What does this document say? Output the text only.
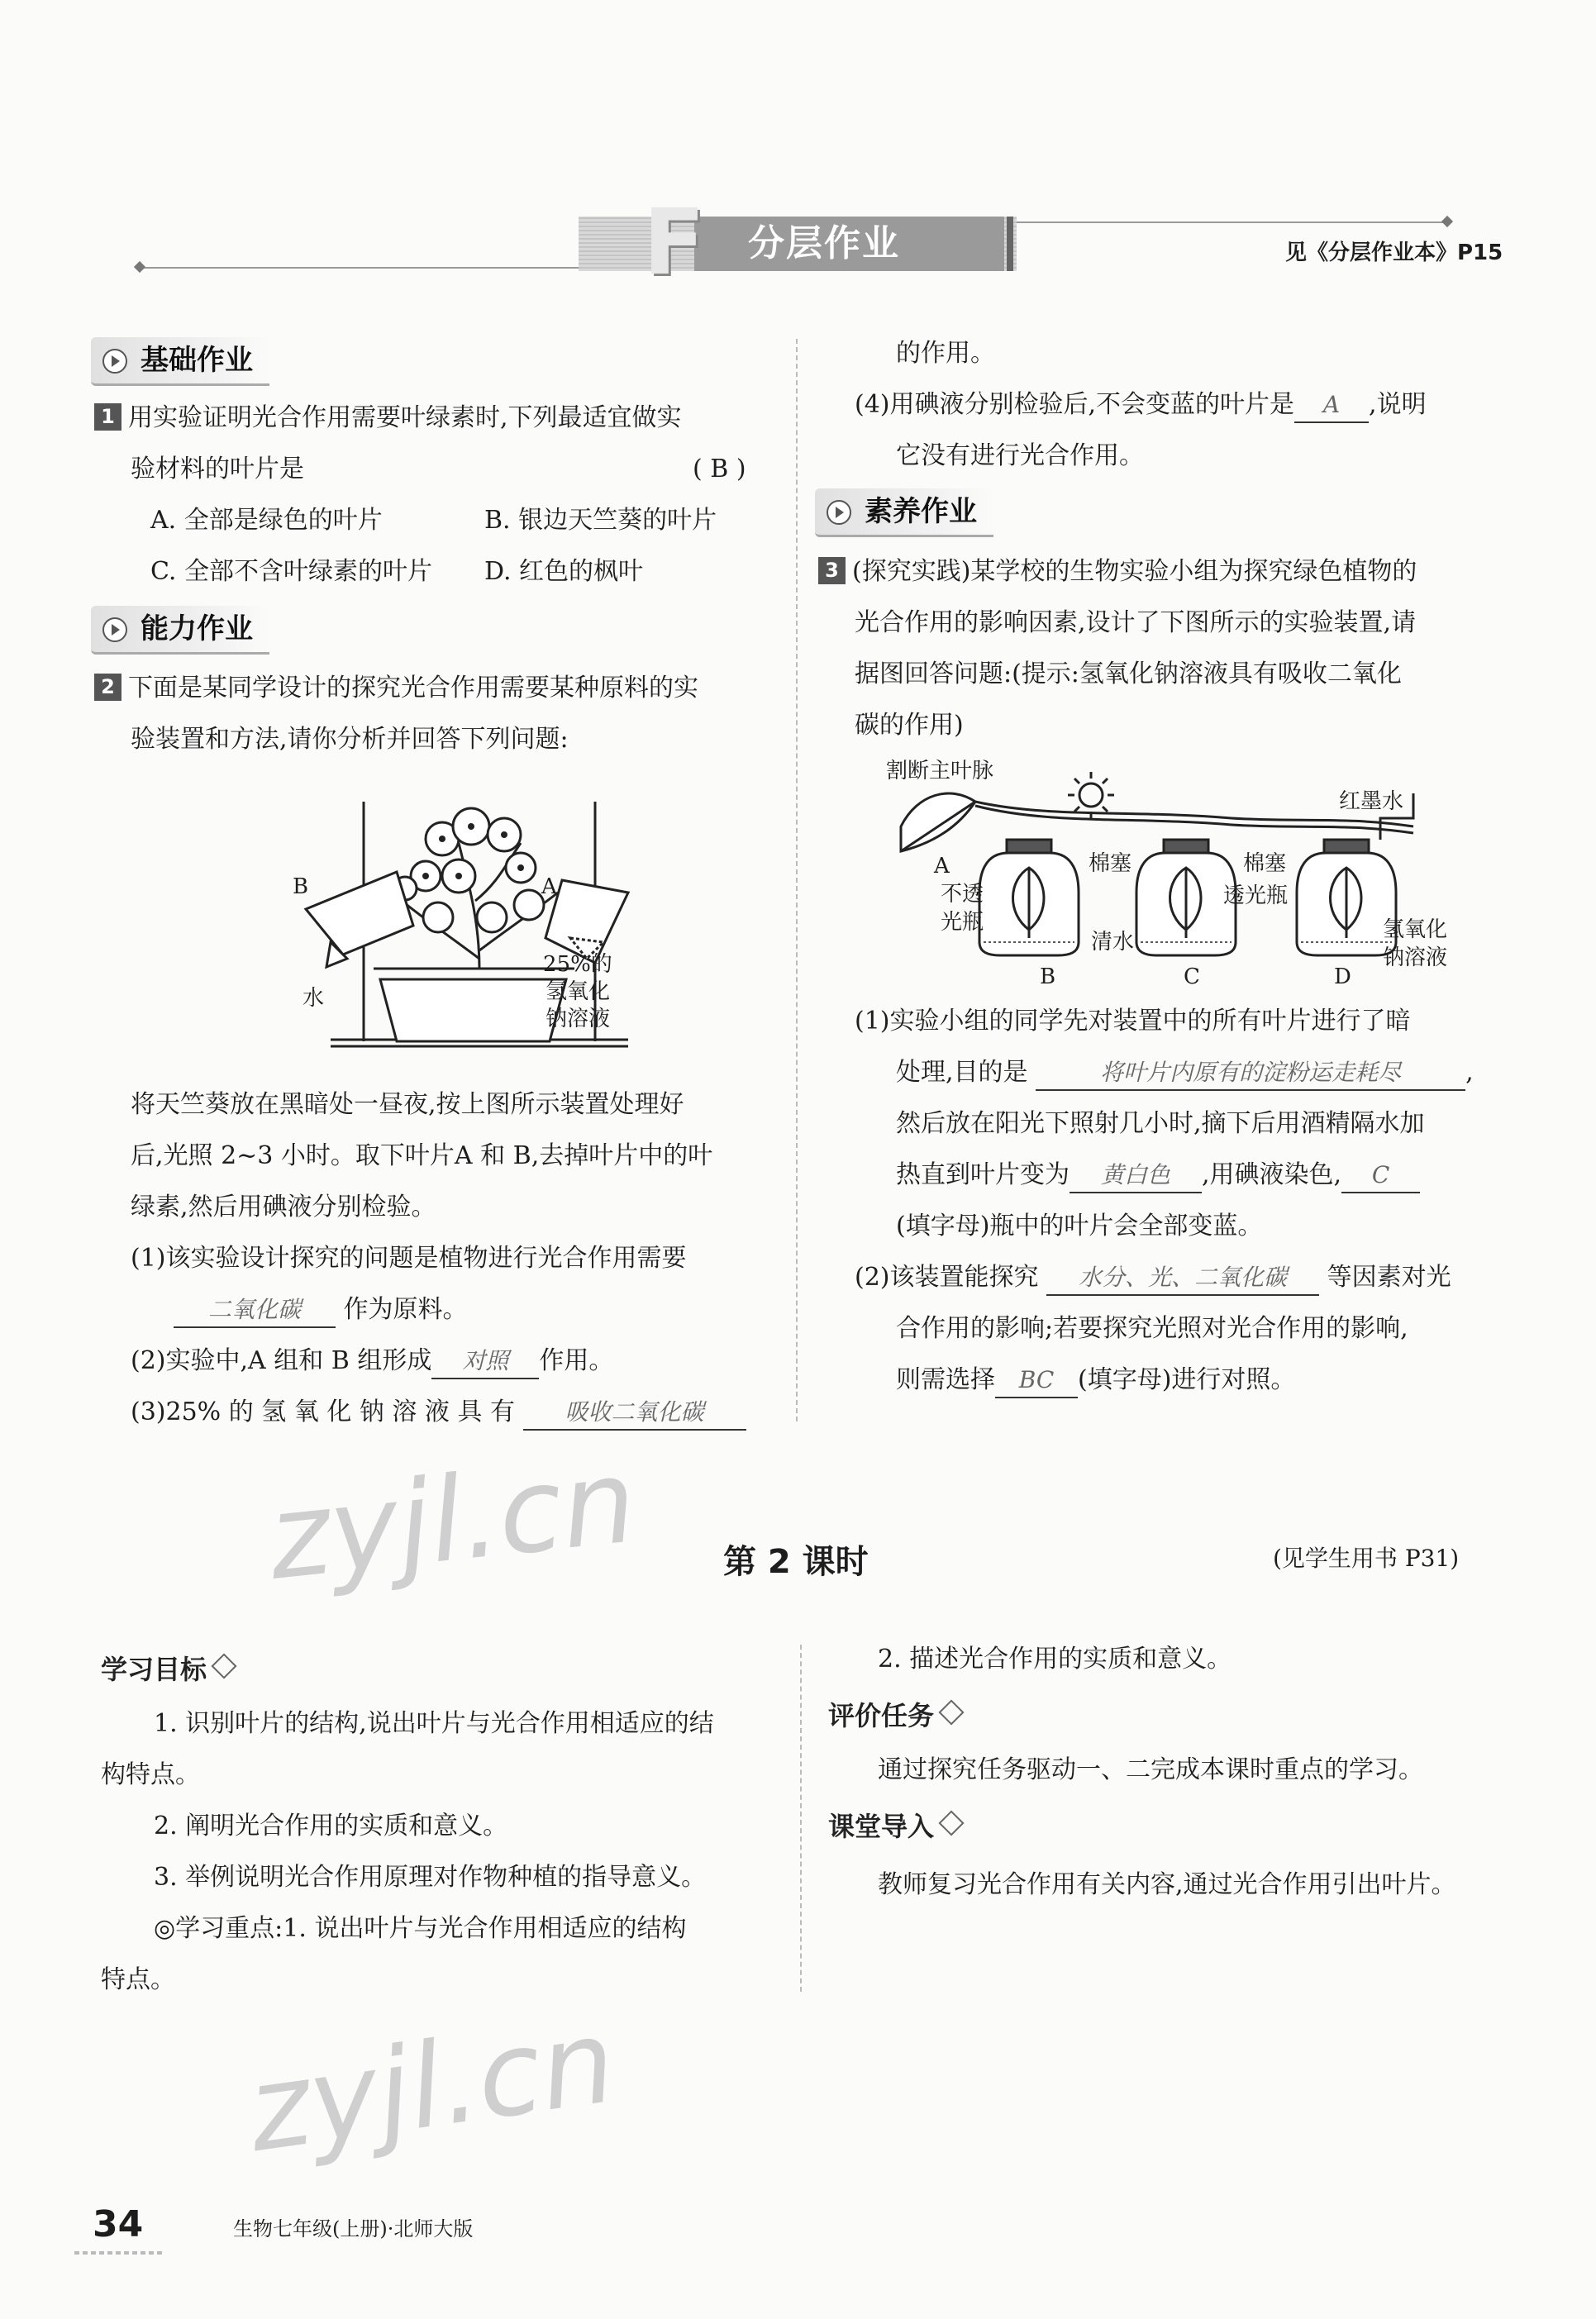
F 分层作业	见《分层作业本》P15
基础作业
1 用实验证明光合作用需要叶绿素时,下列最适宜做实
验材料的叶片是	( B )
A. 全部是绿色的叶片	B. 银边天竺葵的叶片
C. 全部不含叶绿素的叶片 D. 红色的枫叶
能力作业
2 下面是某同学设计的探究光合作用需要某种原料的实
验装置和方法,请你分析并回答下列问题:
B	A
水
25%的
氢氧化
钠溶液
将天竺葵放在黑暗处一昼夜,按上图所示装置处理好
后,光照 2~3 小时。取下叶片A 和 B,去掉叶片中的叶
绿素,然后用碘液分别检验。
(1)该实验设计探究的问题是植物进行光合作用需要
二氧化碳 作为原料。
(2)实验中,A 组和 B 组形成 对照 作用。
(3)25% 的 氢 氧 化 钠 溶 液 具 有 吸收二氧化碳
的作用。
(4)用碘液分别检验后,不会变蓝的叶片是 A ,说明
它没有进行光合作用。
素养作业
3 (探究实践)某学校的生物实验小组为探究绿色植物的
光合作用的影响因素,设计了下图所示的实验装置,请
据图回答问题:(提示:氢氧化钠溶液具有吸收二氧化
碳的作用)
割断主叶脉
红墨水
A	棉塞	棉塞
不透
光瓶
透光瓶
清水	氢氧化
钠溶液
B	C	D
(1)实验小组的同学先对装置中的所有叶片进行了暗
处理,目的是	将叶片内原有的淀粉运走耗尽	,
然后放在阳光下照射几小时,摘下后用酒精隔水加
热直到叶片变为 黄白色 ,用碘液染色, C
(填字母)瓶中的叶片会全部变蓝。
(2)该装置能探究 水分、光、二氧化碳 等因素对光
合作用的影响;若要探究光照对光合作用的影响,
则需选择 BC (填字母)进行对照。
zyjl.cn 第 2 课时	(见学生用书 P31)
学习目标
1. 识别叶片的结构,说出叶片与光合作用相适应的结
构特点。
2. 阐明光合作用的实质和意义。
3. 举例说明光合作用原理对作物种植的指导意义。
◎学习重点:1. 说出叶片与光合作用相适应的结构
特点。
2. 描述光合作用的实质和意义。
评价任务
通过探究任务驱动一、二完成本课时重点的学习。
课堂导入
教师复习光合作用有关内容,通过光合作用引出叶片。
zyjl.cn
34	生物七年级(上册)·北师大版
